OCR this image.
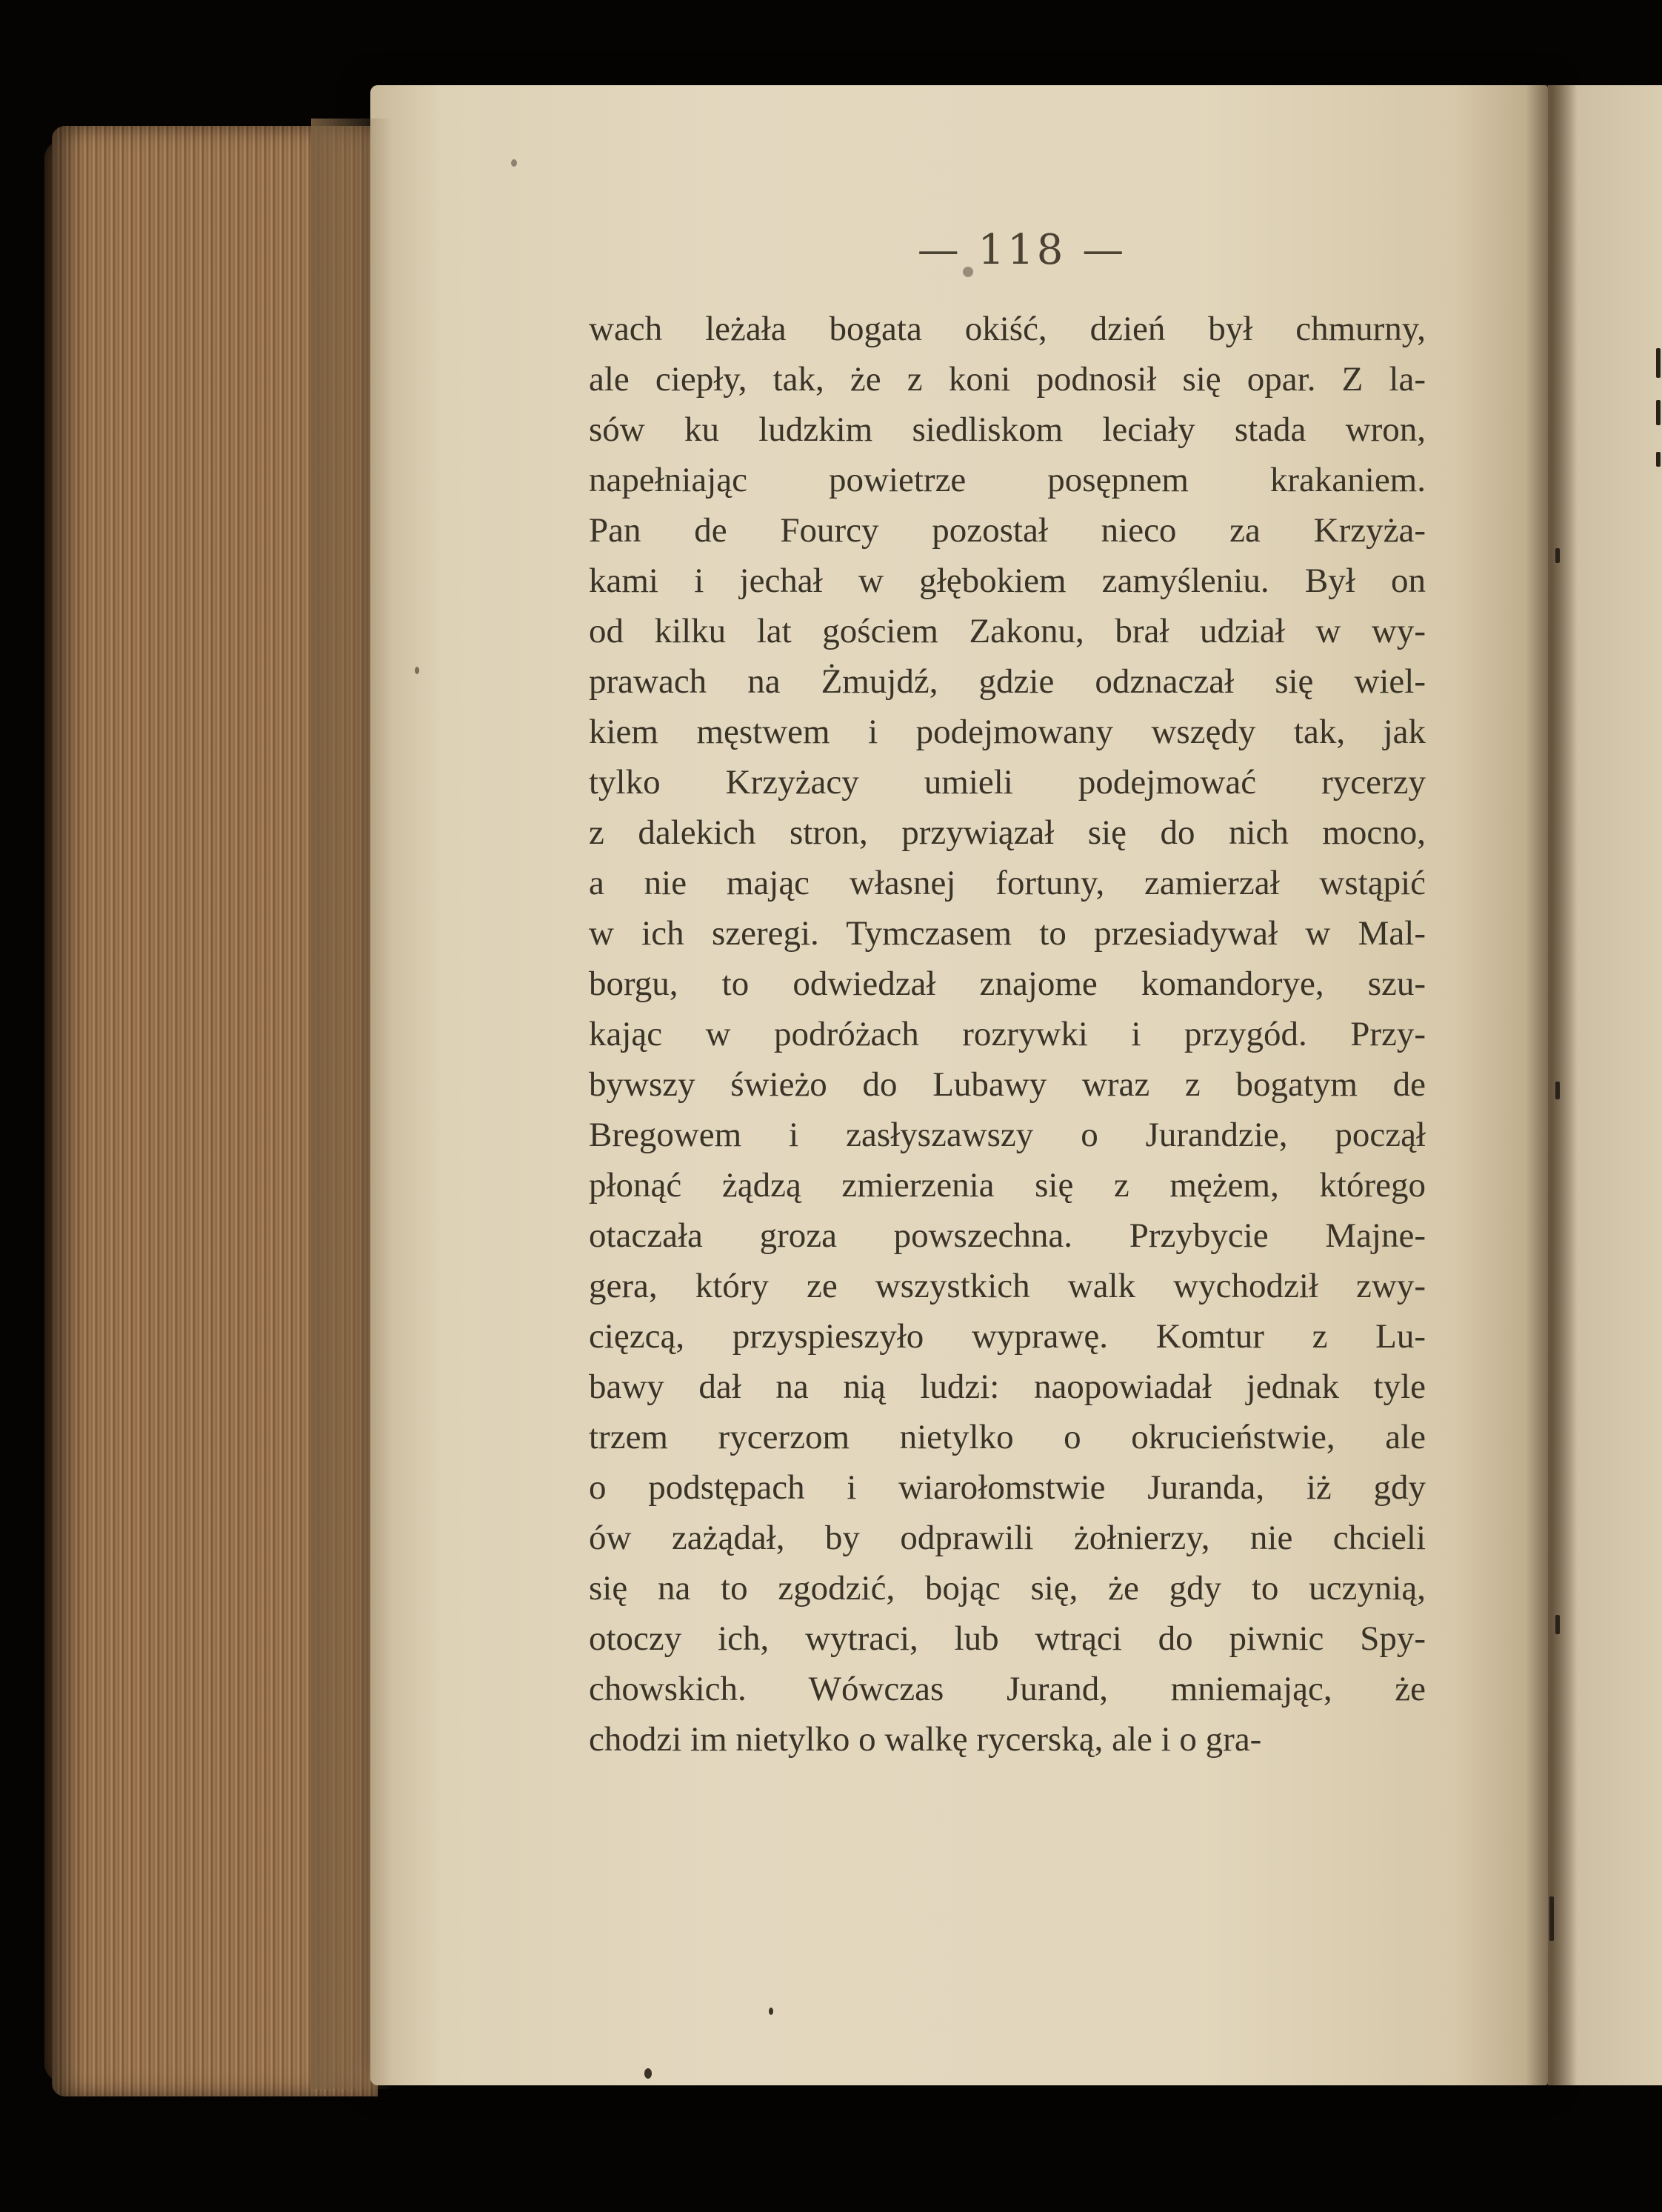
— 118 —
wach leżała bogata okiść, dzień był chmurny,
ale ciepły, tak, że z koni podnosił się opar. Z la-
sów ku ludzkim siedliskom leciały stada wron,
napełniając powietrze posępnem krakaniem.
Pan de Fourcy pozostał nieco za Krzyża-
kami i jechał w głębokiem zamyśleniu. Był on
od kilku lat gościem Zakonu, brał udział w wy-
prawach na Żmujdź, gdzie odznaczał się wiel-
kiem męstwem i podejmowany wszędy tak, jak
tylko Krzyżacy umieli podejmować rycerzy
z dalekich stron, przywiązał się do nich mocno,
a nie mając własnej fortuny, zamierzał wstąpić
w ich szeregi. Tymczasem to przesiadywał w Mal-
borgu, to odwiedzał znajome komandorye, szu-
kając w podróżach rozrywki i przygód. Przy-
bywszy świeżo do Lubawy wraz z bogatym de
Bregowem i zasłyszawszy o Jurandzie, począł
płonąć żądzą zmierzenia się z mężem, którego
otaczała groza powszechna. Przybycie Majne-
gera, który ze wszystkich walk wychodził zwy-
cięzcą, przyspieszyło wyprawę. Komtur z Lu-
bawy dał na nią ludzi: naopowiadał jednak tyle
trzem rycerzom nietylko o okrucieństwie, ale
o podstępach i wiarołomstwie Juranda, iż gdy
ów zażądał, by odprawili żołnierzy, nie chcieli
się na to zgodzić, bojąc się, że gdy to uczynią,
otoczy ich, wytraci, lub wtrąci do piwnic Spy-
chowskich. Wówczas Jurand, mniemając, że
chodzi im nietylko o walkę rycerską, ale i o gra-
